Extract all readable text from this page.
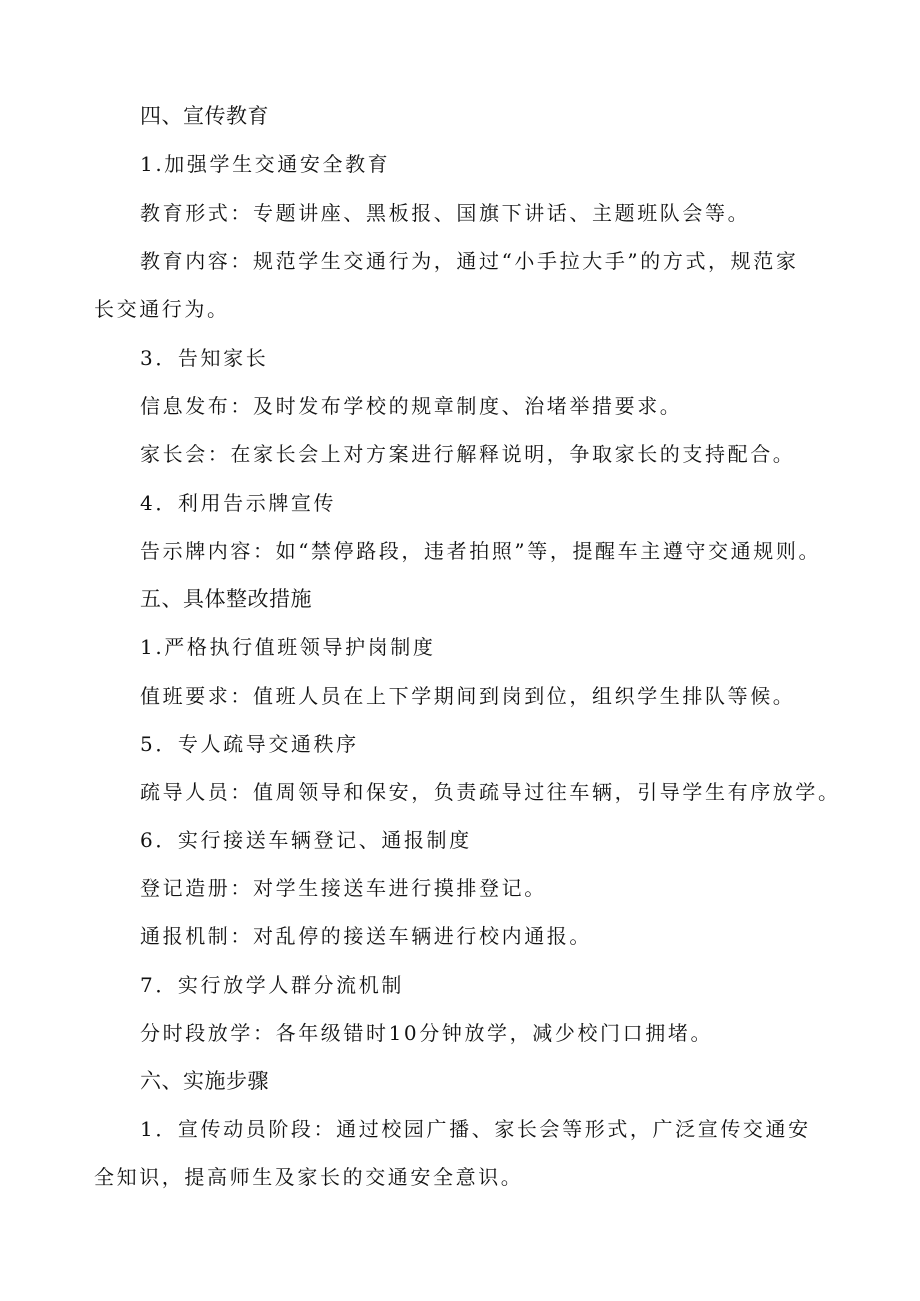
四、宣传教育
1.加强学生交通安全教育
教育形式：专题讲座、黑板报、国旗下讲话、主题班队会等。
教育内容：规范学生交通行为，通过“小手拉大手”的方式，规范家
长交通行为。
3．告知家长
信息发布：及时发布学校的规章制度、治堵举措要求。
家长会：在家长会上对方案进行解释说明，争取家长的支持配合。
4．利用告示牌宣传
告示牌内容：如“禁停路段，违者拍照”等，提醒车主遵守交通规则。
五、具体整改措施
1.严格执行值班领导护岗制度
值班要求：值班人员在上下学期间到岗到位，组织学生排队等候。
5．专人疏导交通秩序
疏导人员：值周领导和保安，负责疏导过往车辆，引导学生有序放学。
6．实行接送车辆登记、通报制度
登记造册：对学生接送车进行摸排登记。
通报机制：对乱停的接送车辆进行校内通报。
7．实行放学人群分流机制
分时段放学：各年级错时10分钟放学，减少校门口拥堵。
六、实施步骤
1．宣传动员阶段：通过校园广播、家长会等形式，广泛宣传交通安
全知识，提高师生及家长的交通安全意识。
